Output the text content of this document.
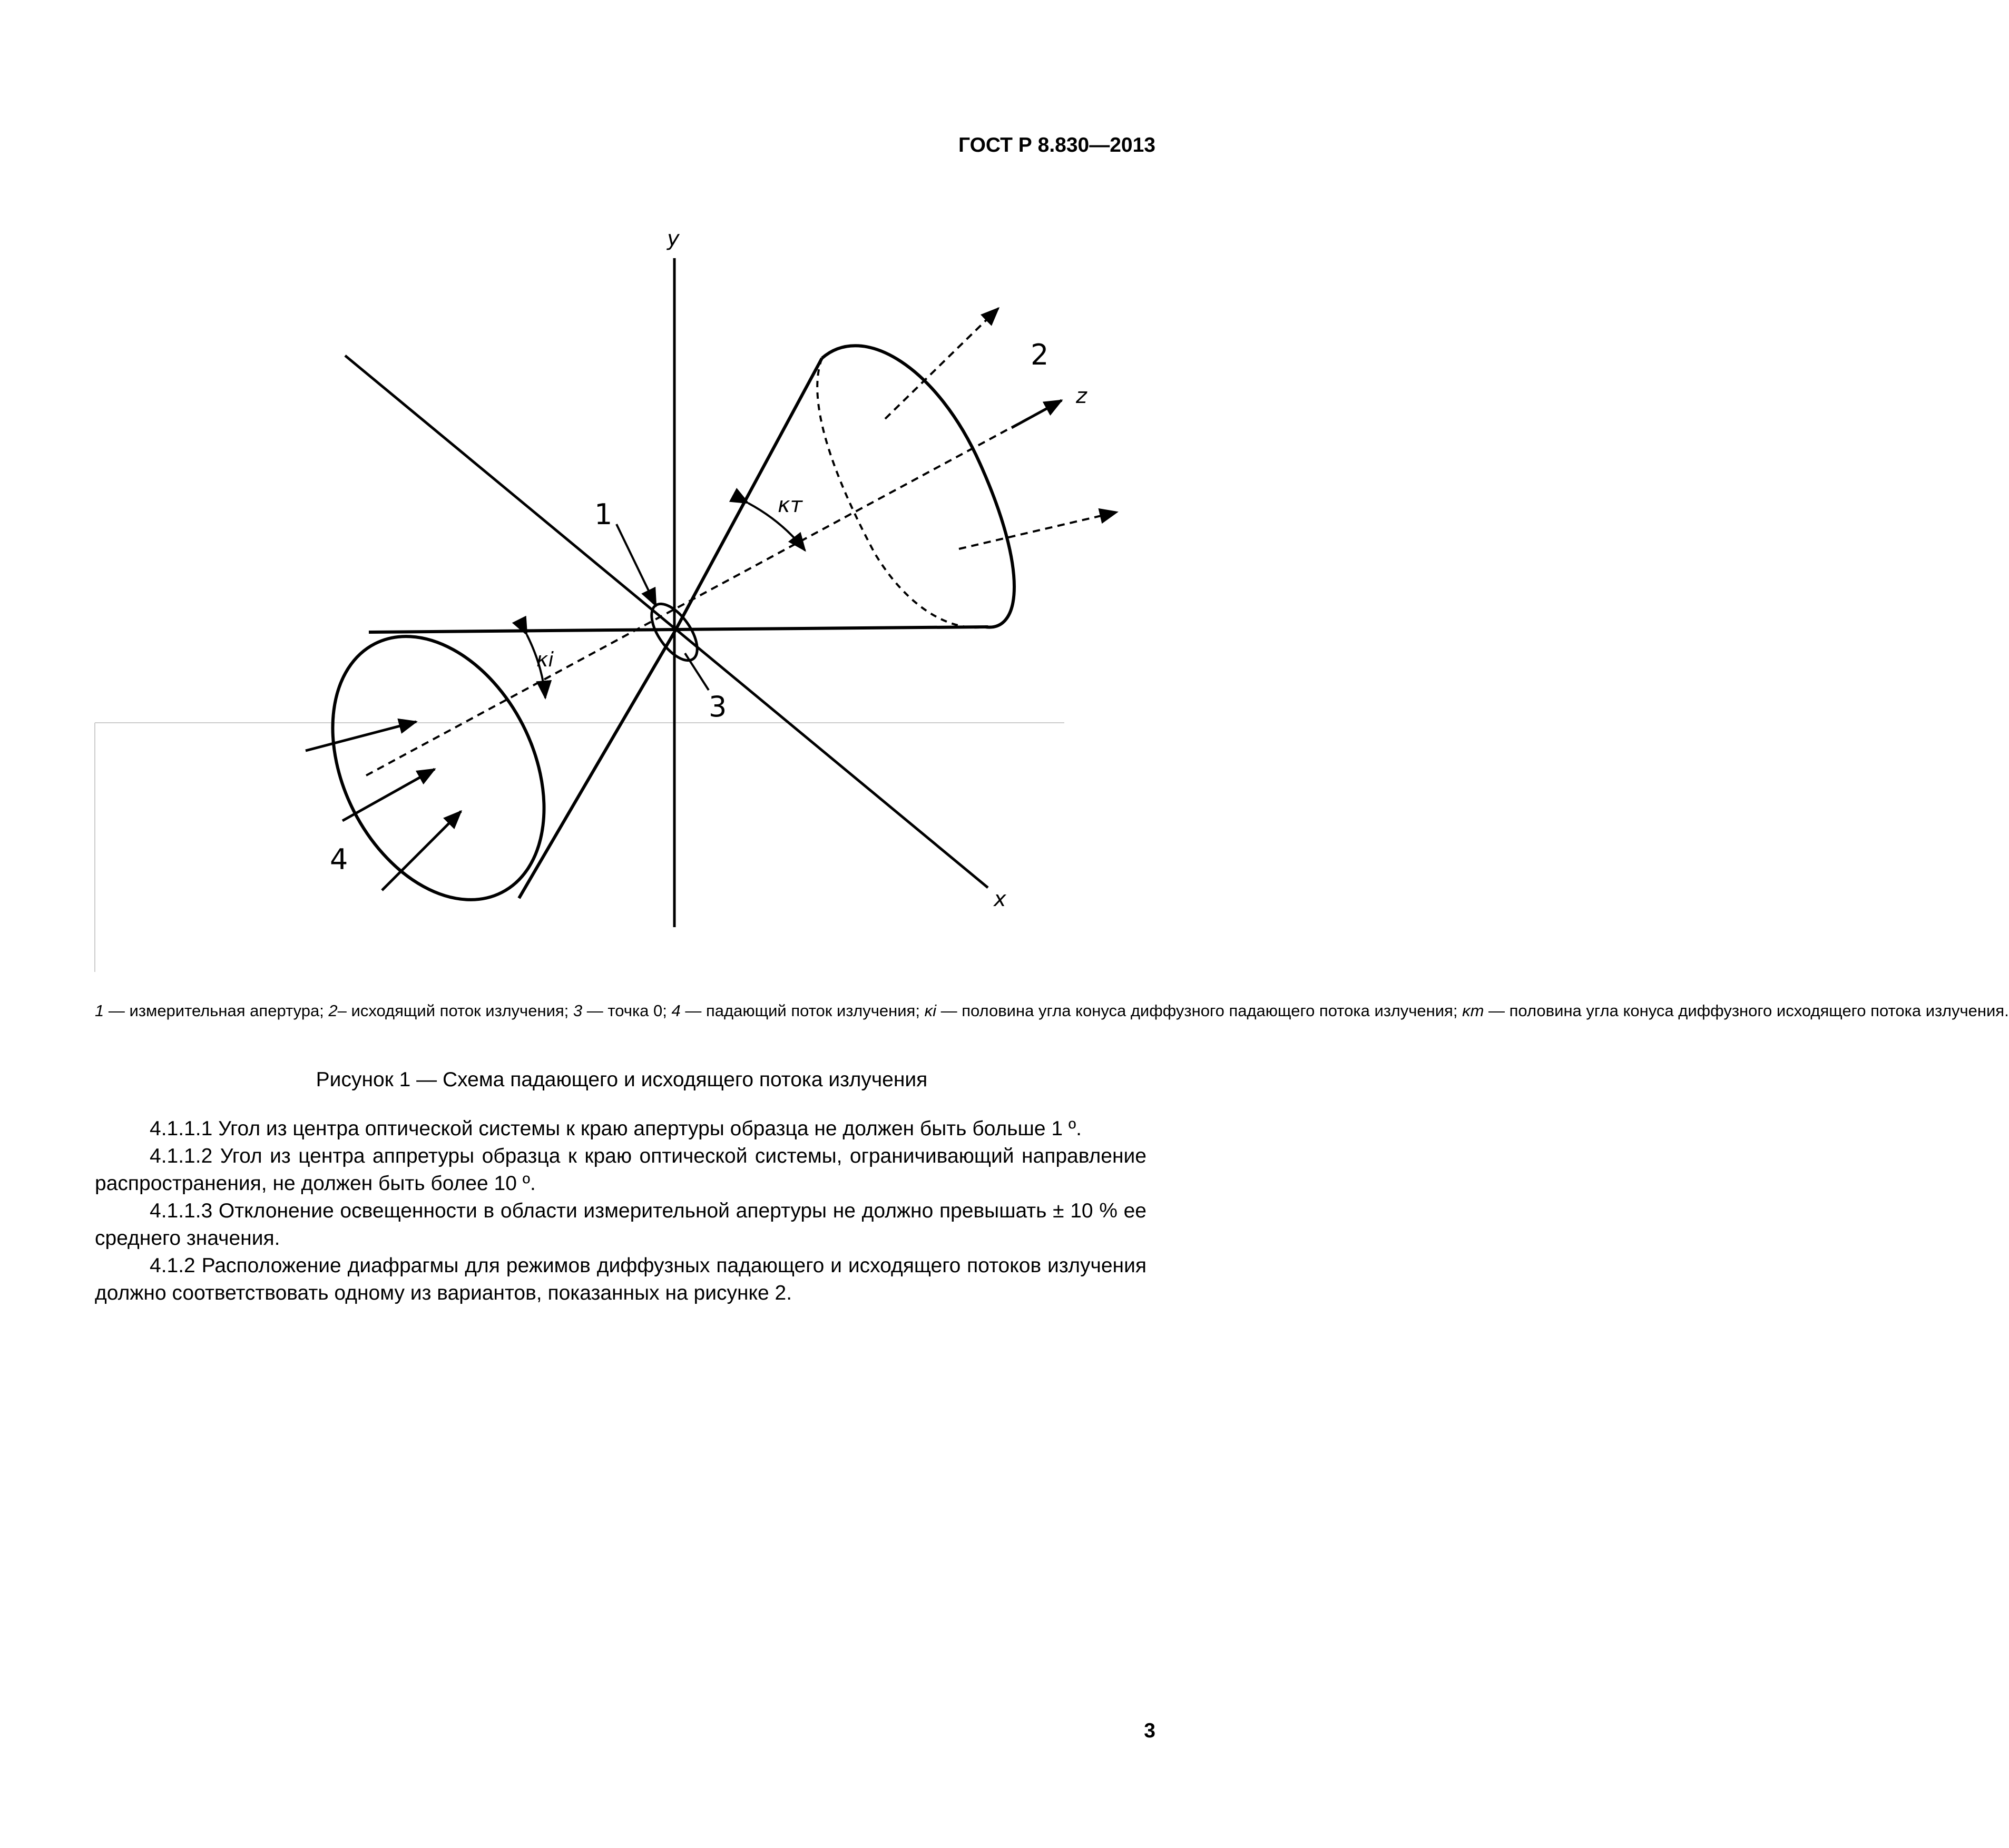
ГОСТ Р 8.830—2013
y
z
x
1
2
3
4
κт
κi
1 — измерительная апертура; 2– исходящий поток излучения; 3 — точка 0; 4 — падающий поток излучения; κi — половина угла конуса диффузного падающего потока излучения; κт — половина угла конуса диффузного исходящего потока излучения.
Рисунок 1 — Схема падающего и исходящего потока излучения

4.1.1.1 Угол из центра оптической системы к краю апертуры образца не должен быть больше 1 º.

4.1.1.2 Угол из центра аппретуры образца к краю оптической системы, ограничивающий направление распространения, не должен быть более 10 º.

4.1.1.3 Отклонение освещенности в области измерительной апертуры не должно превышать ± 10 % ее среднего значения.

4.1.2 Расположение диафрагмы для режимов диффузных падающего и исходящего потоков излучения должно соответствовать одному из вариантов, показанных на рисунке 2.

3
